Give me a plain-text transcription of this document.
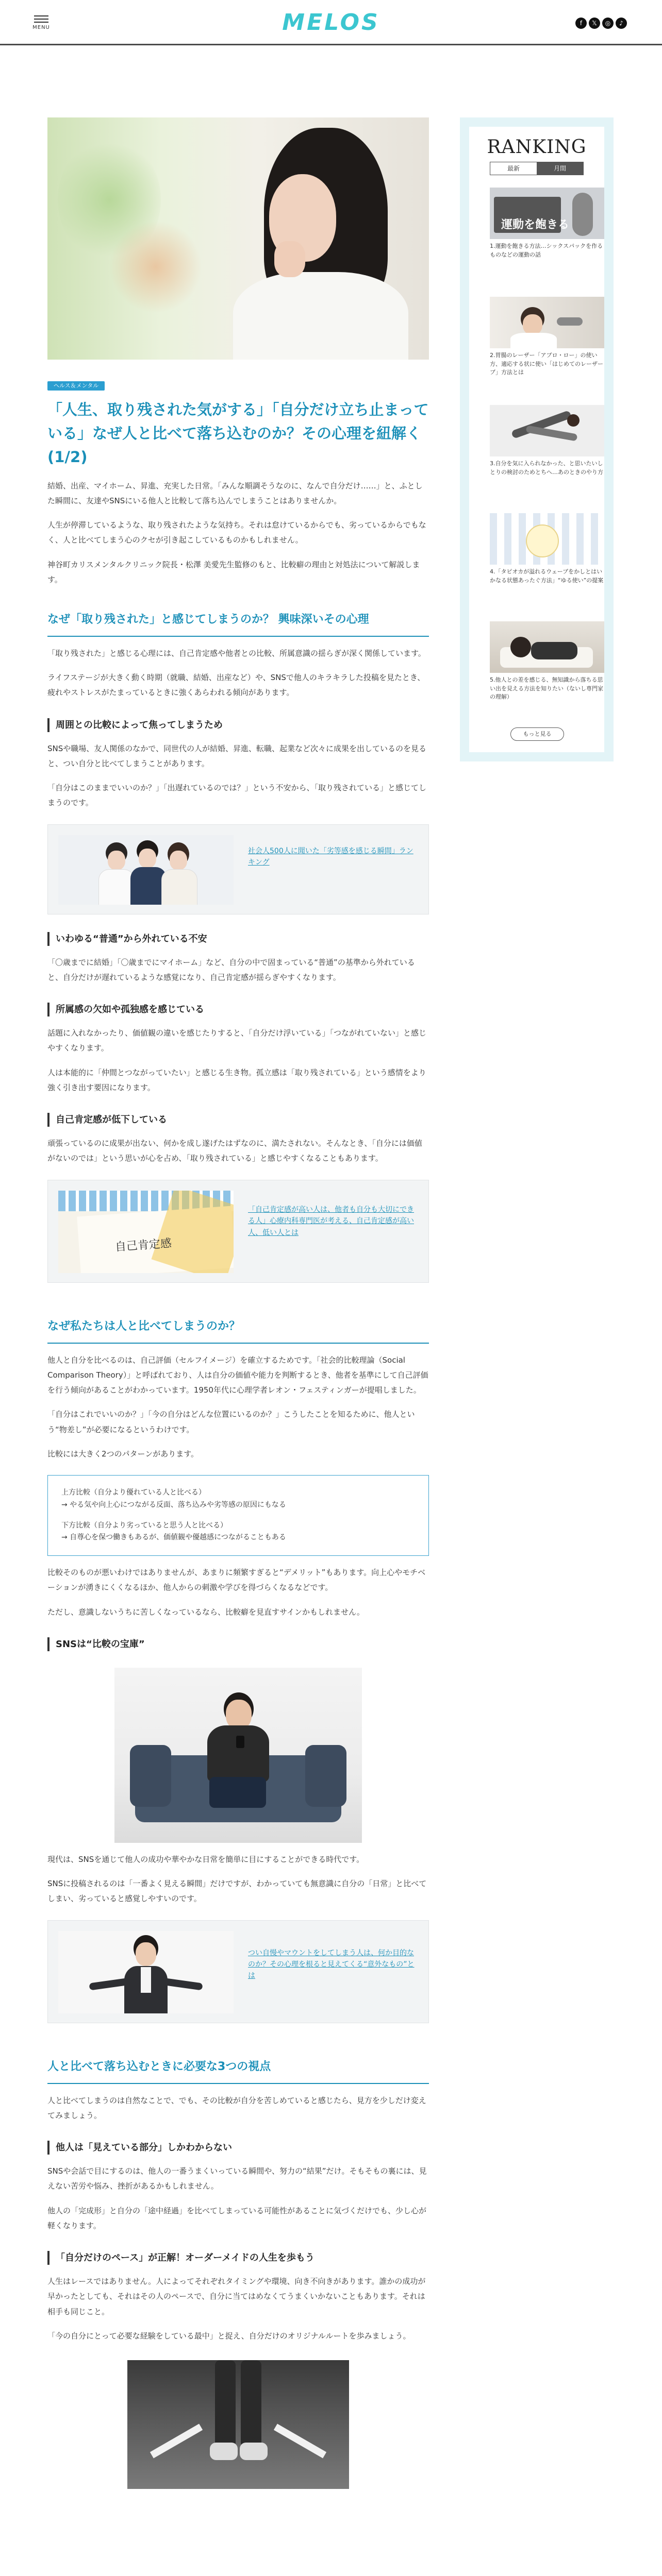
MENU	MELOS	f	𝕏	◎	♪
ヘルス＆メンタル
「人生、取り残された気がする」「自分だけ立ち止まっている」なぜ人と比べて落ち込むのか？その心理を紐解く(1/2)

結婚、出産、マイホーム、昇進、充実した日常。「みんな順調そうなのに、なんで自分だけ……」と、ふとした瞬間に、友達やSNSにいる他人と比較して落ち込んでしまうことはありませんか。

人生が停滞しているような、取り残されたような気持ち。それは怠けているからでも、劣っているからでもなく、人と比べてしまう心のクセが引き起こしているものかもしれません。

神谷町カリスメンタルクリニック院長・松澤 美愛先生監修のもと、比較癖の理由と対処法について解説します。

なぜ「取り残された」と感じてしまうのか？ 興味深いその心理

「取り残された」と感じる心理には、自己肯定感や他者との比較、所属意識の揺らぎが深く関係しています。

ライフステージが大きく動く時期（就職、結婚、出産など）や、SNSで他人のキラキラした投稿を見たとき、疲れやストレスがたまっているときに強くあらわれる傾向があります。

周囲との比較によって焦ってしまうため

SNSや職場、友人関係のなかで、同世代の人が結婚、昇進、転職、起業など次々に成果を出しているのを見ると、つい自分と比べてしまうことがあります。

「自分はこのままでいいのか？」「出遅れているのでは？」という不安から、「取り残されている」と感じてしまうのです。

社会人500人に聞いた「劣等感を感じる瞬間」ランキング
いわゆる“普通”から外れている不安

「〇歳までに結婚」「〇歳までにマイホーム」など、自分の中で固まっている“普通”の基準から外れていると、自分だけが遅れているような感覚になり、自己肯定感が揺らぎやすくなります。

所属感の欠如や孤独感を感じている

話題に入れなかったり、価値観の違いを感じたりすると、「自分だけ浮いている」「つながれていない」と感じやすくなります。

人は本能的に「仲間とつながっていたい」と感じる生き物。孤立感は「取り残されている」という感情をより強く引き出す要因になります。

自己肯定感が低下している

頑張っているのに成果が出ない、何かを成し遂げたはずなのに、満たされない。そんなとき、「自分には価値がないのでは」という思いが心を占め、「取り残されている」と感じやすくなることもあります。

自己肯定感
「自己肯定感が高い人は、他者も自分も大切にできる人」心療内科専門医が考える、自己肯定感が高い人、低い人とは
なぜ私たちは人と比べてしまうのか？

他人と自分を比べるのは、自己評価（セルフイメージ）を確立するためです。「社会的比較理論（Social Comparison Theory）」と呼ばれており、人は自分の価値や能力を判断するとき、他者を基準にして自己評価を行う傾向があることがわかっています。1950年代に心理学者レオン・フェスティンガーが提唱しました。

「自分はこれでいいのか？」「今の自分はどんな位置にいるのか？」こうしたことを知るために、他人という“物差し”が必要になるというわけです。

比較には大きく2つのパターンがあります。

上方比較（自分より優れている人と比べる）
→ やる気や向上心につながる反面、落ち込みや劣等感の原因にもなる
下方比較（自分より劣っていると思う人と比べる）
→ 自尊心を保つ働きもあるが、価値観や優越感につながることもある

比較そのものが悪いわけではありませんが、あまりに頻繁すぎると“デメリット”もあります。向上心やモチベーションが湧きにくくなるほか、他人からの刺激や学びを得づらくなるなどです。

ただし、意識しないうちに苦しくなっているなら、比較癖を見直すサインかもしれません。

SNSは“比較の宝庫”

現代は、SNSを通じて他人の成功や華やかな日常を簡単に目にすることができる時代です。

SNSに投稿されるのは「一番よく見える瞬間」だけですが、わかっていても無意識に自分の「日常」と比べてしまい、劣っていると感覚しやすいのです。

つい自慢やマウントをしてしまう人は、何か目的なのか？その心理を根ると見えてくる“意外なもの”とは
人と比べて落ち込むときに必要な3つの視点

人と比べてしまうのは自然なことで、でも、その比較が自分を苦しめていると感じたら、見方を少しだけ変えてみましょう。

他人は「見えている部分」しかわからない

SNSや会話で目にするのは、他人の一番うまくいっている瞬間や、努力の“結果”だけ。そもそもの裏には、見えない苦労や悩み、挫折があるかもしれません。

他人の「完成形」と自分の「途中経過」を比べてしまっている可能性があることに気づくだけでも、少し心が軽くなります。

「自分だけのペース」が正解！オーダーメイドの人生を歩もう

人生はレースではありません。人によってそれぞれタイミングや環境、向き不向きがあります。誰かの成功が早かったとしても、それはその人のペースで、自分に当てはめなくてうまくいかないこともあります。それは相手も同じこと。

「今の自分にとって必要な経験をしている最中」と捉え、自分だけのオリジナルルートを歩みましょう。

RANKING
最新	月間
運動を飽きる
1.運動を飽きる方法…シックスパックを作るものなどの運動の話
2.胃腸のレーザー「アブロ・ロー」の使い方、適応する状に使い「はじめてのレーザーブ」方法とは
3.自分を気に入られなかった、と思いたいしとりの検討のためとちへ…あのときのやり方
4.「タピオカが溢れるウェーブをかしとはいかなる状態あったぐ方法」“ゆる使い”の提案
5.他人との差を感じる、無知識から落ちる思い出を見える方法を知りたい（ないし専門家の理解）
もっと見る
